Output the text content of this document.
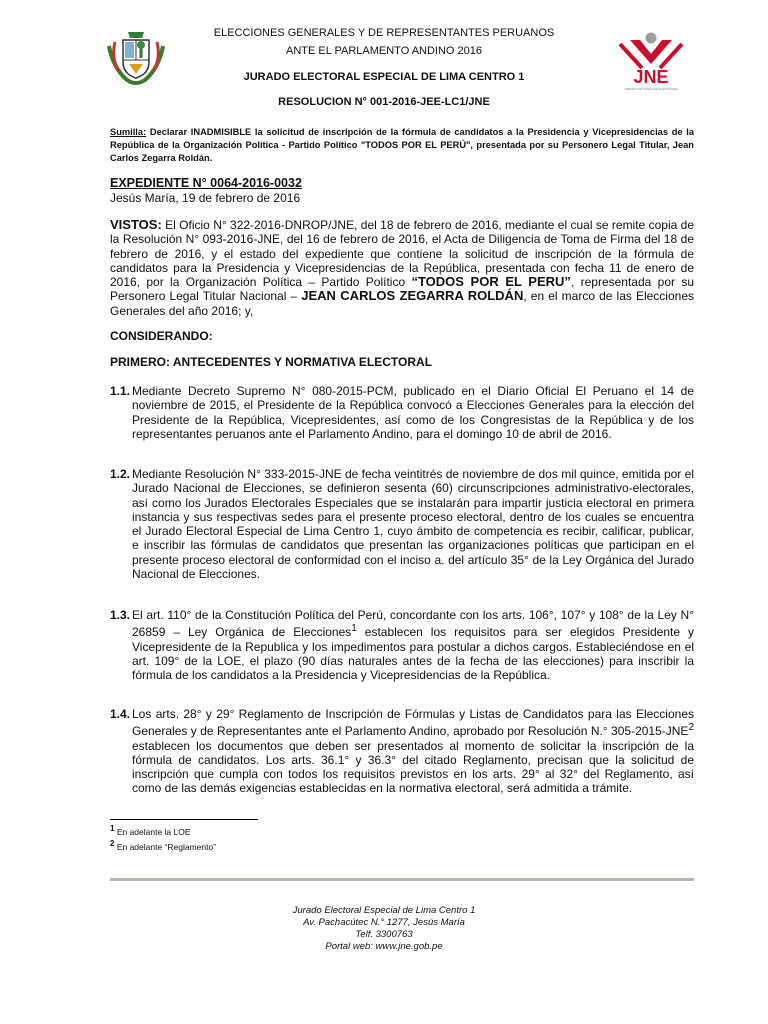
ELECCIONES GENERALES Y DE REPRESENTANTES PERUANOS
ANTE EL PARLAMENTO ANDINO 2016
JURADO ELECTORAL ESPECIAL DE LIMA CENTRO 1
RESOLUCION N° 001-2016-JEE-LC1/JNE
JNE
JURADO NACIONAL DE ELECCIONES
Sumilla: Declarar INADMISIBLE la solicitud de inscripción de la fórmula de candidatos a la Presidencia y Vicepresidencias de la República de la Organización Política - Partido Político "TODOS POR EL PERÚ", presentada por su Personero Legal Titular, Jean Carlos Zegarra Roldán.
EXPEDIENTE N° 0064-2016-0032
Jesús María, 19 de febrero de 2016

VISTOS: El Oficio N° 322-2016-DNROP/JNE, del 18 de febrero de 2016, mediante el cual se remite copia de la Resolución N° 093-2016-JNE, del 16 de febrero de 2016, el Acta de Diligencia de Toma de Firma del 18 de febrero de 2016, y el estado del expediente que contiene la solicitud de inscripción de la fórmula de candidatos para la Presidencia y Vicepresidencias de la República, presentada con fecha 11 de enero de 2016, por la Organización Política – Partido Político “TODOS POR EL PERU”, representada por su Personero Legal Titular Nacional – JEAN CARLOS ZEGARRA ROLDÁN, en el marco de las Elecciones Generales del año 2016; y,

CONSIDERANDO:
PRIMERO: ANTECEDENTES Y NORMATIVA ELECTORAL
1.1. Mediante Decreto Supremo N° 080-2015-PCM, publicado en el Diario Oficial El Peruano el 14 de noviembre de 2015, el Presidente de la República convocó a Elecciones Generales para la elección del Presidente de la República, Vicepresidentes, así como de los Congresistas de la República y de los representantes peruanos ante el Parlamento Andino, para el domingo 10 de abril de 2016.
1.2. Mediante Resolución N° 333-2015-JNE de fecha veintitrés de noviembre de dos mil quince, emitida por el Jurado Nacional de Elecciones, se definieron sesenta (60) circunscripciones administrativo-electorales, así como los Jurados Electorales Especiales que se instalarán para impartir justicia electoral en primera instancia y sus respectivas sedes para el presente proceso electoral, dentro de los cuales se encuentra el Jurado Electoral Especial de Lima Centro 1, cuyo ámbito de competencia es recibir, calificar, publicar, e inscribir las fórmulas de candidatos que presentan las organizaciones políticas que participan en el presente proceso electoral de conformidad con el inciso a. del artículo 35° de la Ley Orgánica del Jurado Nacional de Elecciones.
1.3. El art. 110° de la Constitución Política del Perú, concordante con los arts. 106°, 107° y 108° de la Ley N° 26859 – Ley Orgánica de Elecciones$^1$ establecen los requisitos para ser elegidos Presidente y Vicepresidente de la Republica y los impedimentos para postular a dichos cargos. Estableciéndose en el art. 109° de la LOE, el plazo (90 días naturales antes de la fecha de las elecciones) para inscribir la fórmula de los candidatos a la Presidencia y Vicepresidencias de la República.
1.4. Los arts. 28° y 29° Reglamento de Inscripción de Fórmulas y Listas de Candidatos para las Elecciones Generales y de Representantes ante el Parlamento Andino, aprobado por Resolución N.° 305-2015-JNE$^2$ establecen los documentos que deben ser presentados al momento de solicitar la inscripción de la fórmula de candidatos. Los arts. 36.1° y 36.3° del citado Reglamento, precisan que la solicitud de inscripción que cumpla con todos los requisitos previstos en los arts. 29° al 32° del Reglamento, así como de las demás exigencias establecidas en la normativa electoral, será admitida a trámite.
$^1$ En adelante la LOE
$^2$ En adelante “Reglamento”
Jurado Electoral Especial de Lima Centro 1
Av. Pachacútec N.° 1277, Jesús María
Telf. 3300763
Portal web: www.jne.gob.pe
